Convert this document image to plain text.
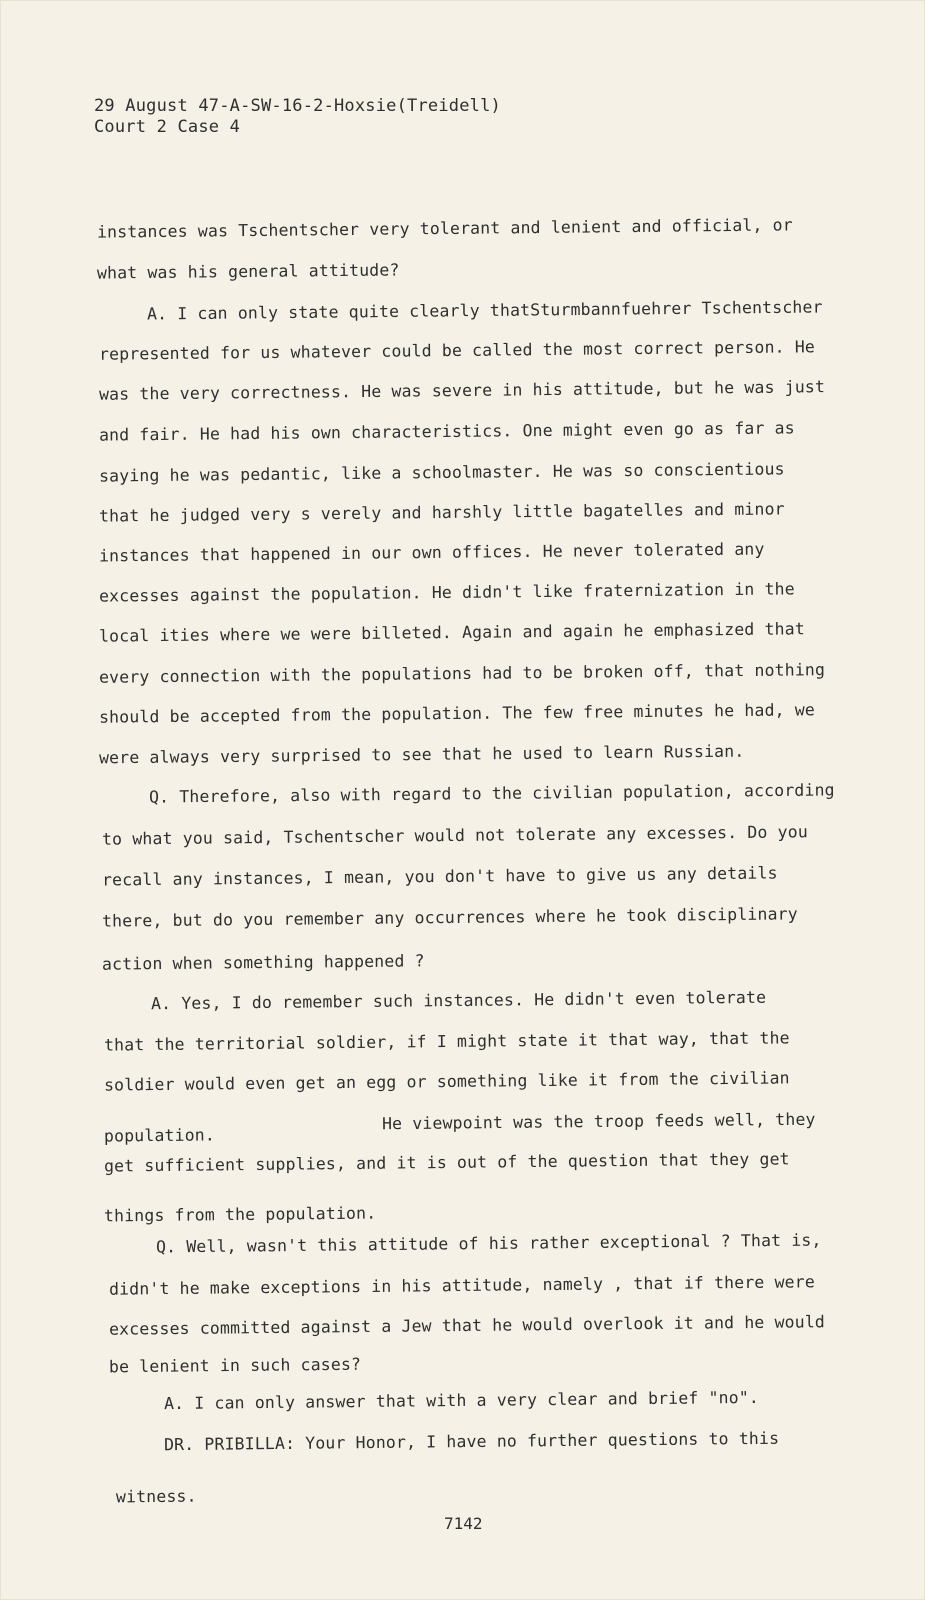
29 August 47-A-SW-16-2-Hoxsie(Treidell)
Court 2 Case 4
instances was Tschentscher very tolerant and lenient and official, or
what was his general attitude?
A. I can only state quite clearly thatSturmbannfuehrer Tschentscher
represented for us whatever could be called the most correct person. He
was the very correctness. He was severe in his attitude, but he was just
and fair. He had his own characteristics. One might even go as far as
saying he was pedantic, like a schoolmaster. He was so conscientious
that he judged very s verely and harshly little bagatelles and minor
instances that happened in our own offices. He never tolerated any
excesses against the population. He didn't like fraternization in the
local ities where we were billeted. Again and again he emphasized that
every connection with the populations had to be broken off, that nothing
should be accepted from the population. The few free minutes he had, we
were always very surprised to see that he used to learn Russian.
Q. Therefore, also with regard to the civilian population, according
to what you said, Tschentscher would not tolerate any excesses. Do you
recall any instances, I mean, you don't have to give us any details
there, but do you remember any occurrences where he took disciplinary
action when something happened ?
A. Yes, I do remember such instances. He didn't even tolerate
that the territorial soldier, if I might state it that way, that the
soldier would even get an egg or something like it from the civilian
population.
He viewpoint was the troop feeds well, they
get sufficient supplies, and it is out of the question that they get
things from the population.
Q. Well, wasn't this attitude of his rather exceptional ? That is,
didn't he make exceptions in his attitude, namely , that if there were
excesses committed against a Jew that he would overlook it and he would
be lenient in such cases?
A. I can only answer that with a very clear and brief "no".
DR. PRIBILLA: Your Honor, I have no further questions to this
witness.
7142
